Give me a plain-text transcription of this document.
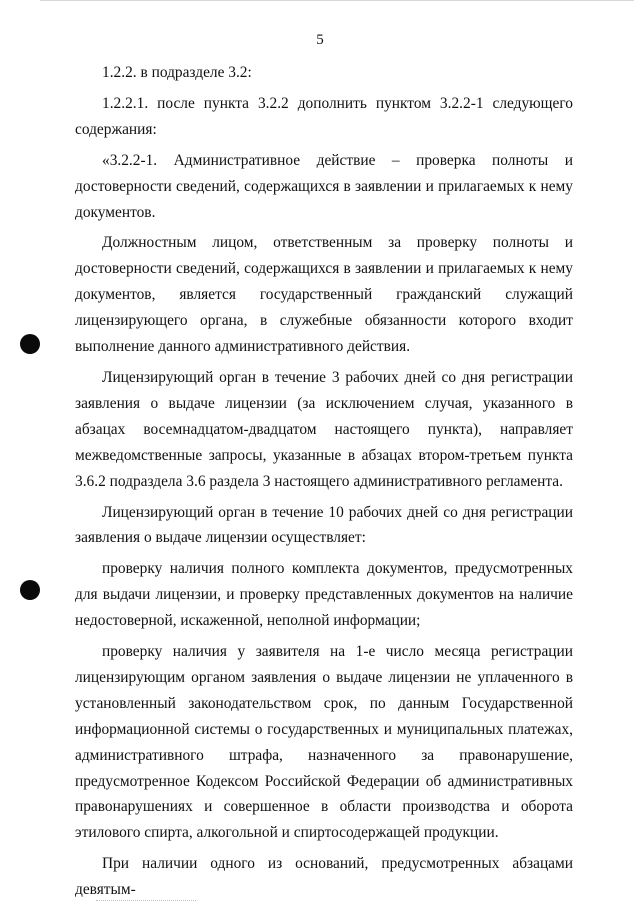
5

1.2.2. в подразделе 3.2:

1.2.2.1. после пункта 3.2.2 дополнить пунктом 3.2.2-1 следующего содержания:

«3.2.2-1. Административное действие – проверка полноты и достоверности сведений, содержащихся в заявлении и прилагаемых к нему документов.

Должностным лицом, ответственным за проверку полноты и достоверности сведений, содержащихся в заявлении и прилагаемых к нему документов, является государственный гражданский служащий лицензирующего органа, в служебные обязанности которого входит выполнение данного административного действия.

Лицензирующий орган в течение 3 рабочих дней со дня регистрации заявления о выдаче лицензии (за исключением случая, указанного в абзацах восемнадцатом-двадцатом настоящего пункта), направляет межведомственные запросы, указанные в абзацах втором-третьем пункта 3.6.2 подраздела 3.6 раздела 3 настоящего административного регламента.

Лицензирующий орган в течение 10 рабочих дней со дня регистрации заявления о выдаче лицензии осуществляет:

проверку наличия полного комплекта документов, предусмотренных для выдачи лицензии, и проверку представленных документов на наличие недостоверной, искаженной, неполной информации;

проверку наличия у заявителя на 1-е число месяца регистрации лицензирующим органом заявления о выдаче лицензии не уплаченного в установленный законодательством срок, по данным Государственной информационной системы о государственных и муниципальных платежах, административного штрафа, назначенного за правонарушение, предусмотренное Кодексом Российской Федерации об административных правонарушениях и совершенное в области производства и оборота этилового спирта, алкогольной и спиртосодержащей продукции.

При наличии одного из оснований, предусмотренных абзацами девятым-
